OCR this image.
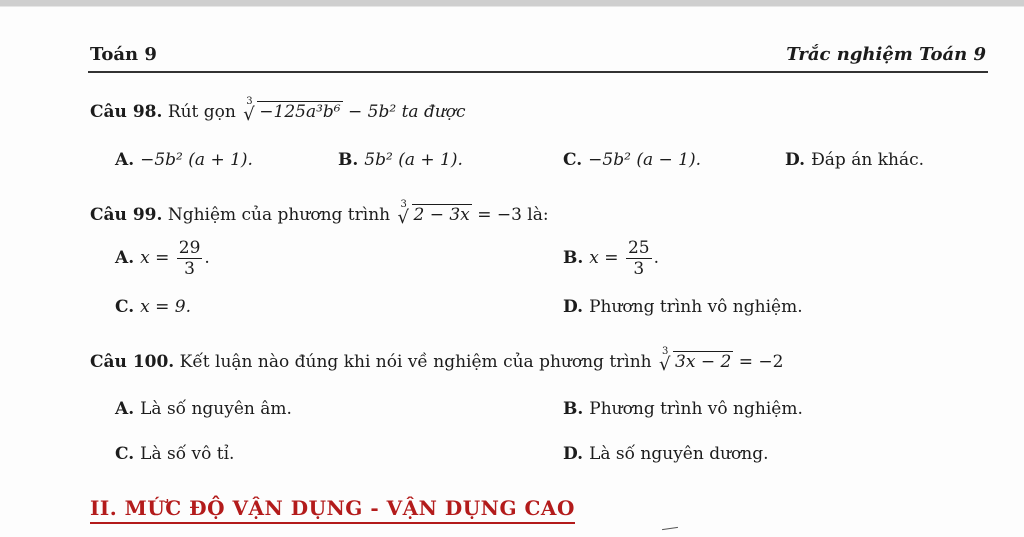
Toán 9	Trắc nghiệm Toán 9
Câu 98. Rút gọn
3
√ −125a³b⁶ − 5b² ta được
A. −5b² (a + 1).	B. 5b² (a + 1).	C. −5b² (a − 1).	D. Đáp án khác.
Câu 99. Nghiệm của phương trình
3
√ 2 − 3x = −3 là:
A. $x = \frac{29}{3}$ .	B. $x = \frac{25}{3}$ .
C. x = 9.	D. Phương trình vô nghiệm.
Câu 100. Kết luận nào đúng khi nói về nghiệm của phương trình
3
√ 3x − 2 = −2
A. Là số nguyên âm.	B. Phương trình vô nghiệm.
C. Là số vô tỉ.	D. Là số nguyên dương.
II. MỨC ĐỘ VẬN DỤNG - VẬN DỤNG CAO
